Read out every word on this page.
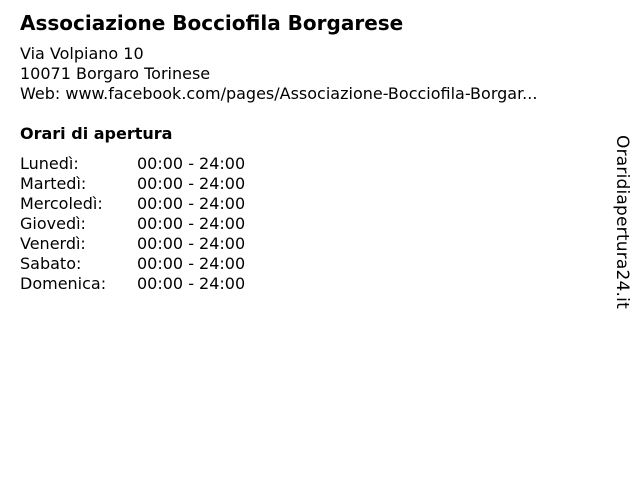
Associazione Bocciofila Borgarese
Via Volpiano 10
10071 Borgaro Torinese
Web: www.facebook.com/pages/Associazione-Bocciofila-Borgar...
Orari di apertura
Lunedì:	00:00 - 24:00
Martedì:	00:00 - 24:00
Mercoledì: 00:00 - 24:00
Giovedì:	00:00 - 24:00
Venerdì:	00:00 - 24:00
Sabato:	00:00 - 24:00
Domenica: 00:00 - 24:00	Oraridiapertura24.it
